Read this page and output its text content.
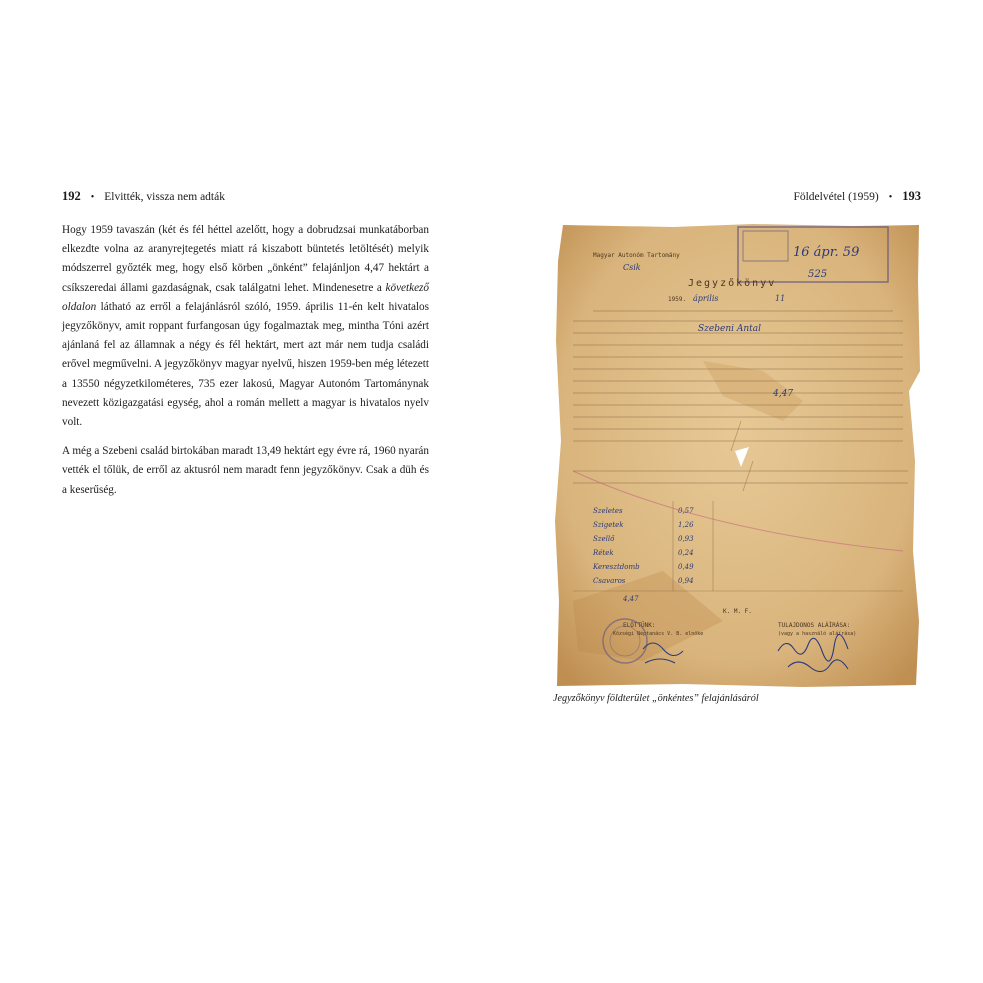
192 • Elvitték, vissza nem adták	Földelvétel (1959) • 193

Hogy 1959 tavaszán (két és fél héttel azelőtt, hogy a dobrudzsai munkatáborban elkezdte volna az aranyrejtegetés miatt rá kiszabott büntetés letöltését) melyik módszerrel győzték meg, hogy első körben „önként” felajánljon 4,47 hektárt a csíkszeredai állami gazdaságnak, csak találgatni lehet. Mindenesetre a következő oldalon látható az erről a felajánlásról szóló, 1959. április 11-én kelt hivatalos jegyzőkönyv, amit roppant furfangosan úgy fogalmaztak meg, mintha Tóni azért ajánlaná fel az államnak a négy és fél hektárt, mert azt már nem tudja családi erővel megművelni. A jegyzőkönyv magyar nyelvű, hiszen 1959-ben még létezett a 13550 négyzetkilométeres, 735 ezer lakosú, Magyar Autonóm Tartománynak nevezett közigazgatási egység, ahol a román mellett a magyar is hivatalos nyelv volt.

A még a Szebeni család birtokában maradt 13,49 hektárt egy évre rá, 1960 nyarán vették el tőlük, de erről az aktusról nem maradt fenn jegyzőkönyv. Csak a düh és a keserűség.

16 ápr. 59
525
Magyar Autonóm Tartomány
Csik
Jegyzőkönyv
1959. április	11
Szebeni Antal
4,47
Szeletes
Szigetek
Szellő
Rétek
Keresztdomb
Csavaros
0,57
1,26
0,93
0,24
0,49
0,94
4,47
K. M. F.
ELŐTTÜNK:
Községi Néptanács V. B. elnöke
TULAJDONOS ALÁÍRÁSA:
(vagy a használó aláírása)
Jegyzőkönyv földterület „önkéntes” felajánlásáról
